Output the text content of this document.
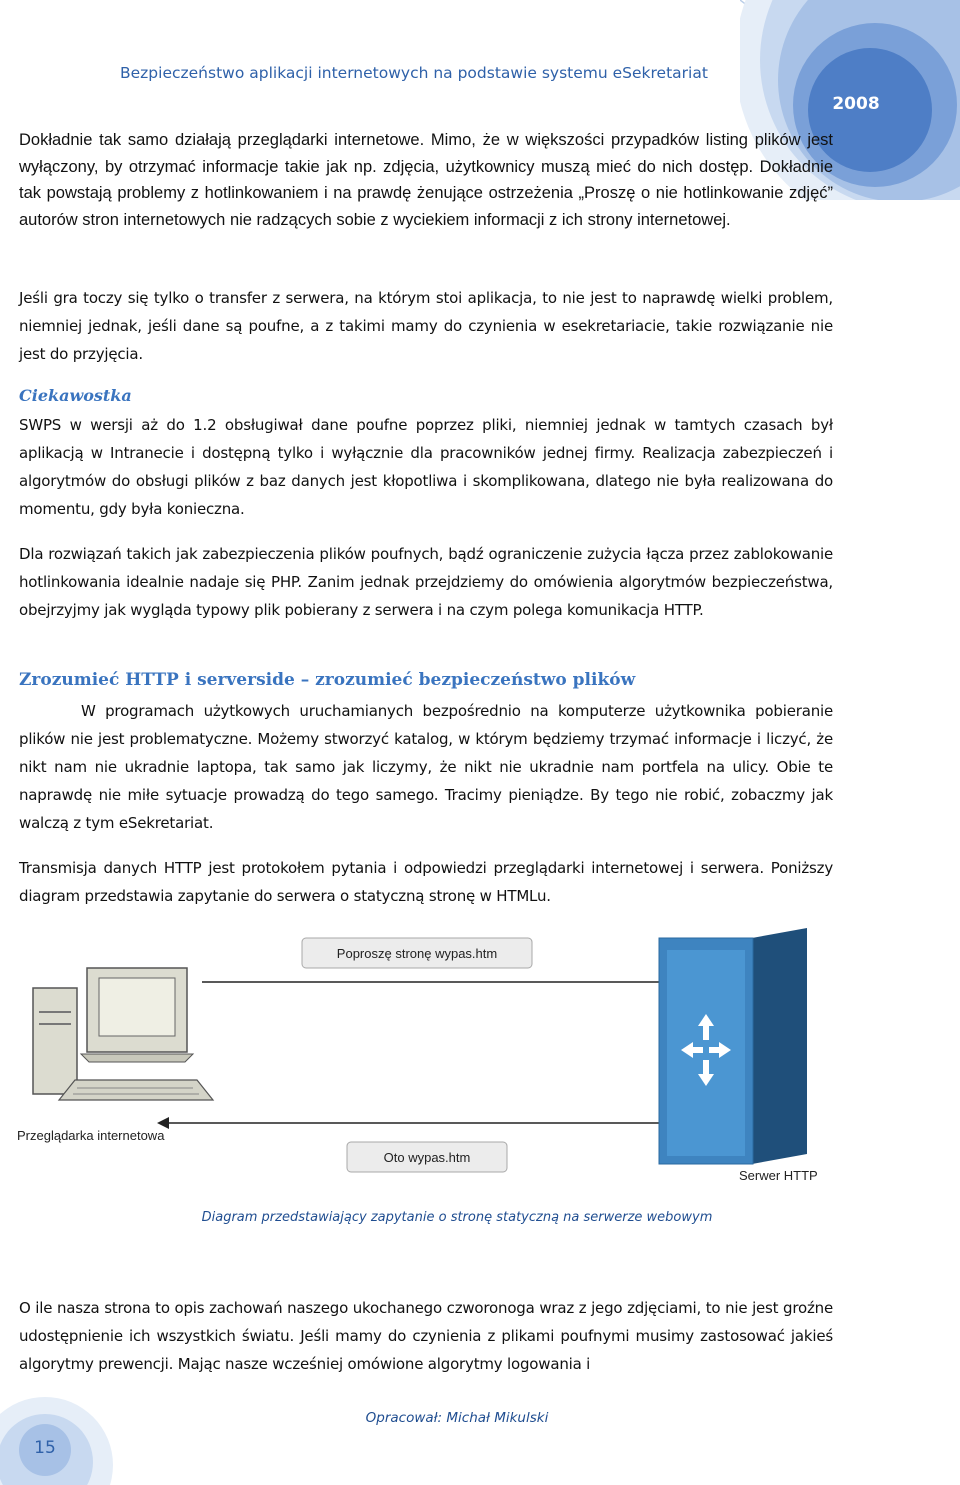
Bezpieczeństwo aplikacji internetowych na podstawie systemu eSekretariat
2008

Dokładnie tak samo działają przeglądarki internetowe. Mimo, że w większości przypadków listing plików jest wyłączony, by otrzymać informacje takie jak np. zdjęcia, użytkownicy muszą mieć do nich dostęp. Dokładnie tak powstają problemy z hotlinkowaniem i na prawdę żenujące ostrzeżenia „Proszę o nie hotlinkowanie zdjęć” autorów stron internetowych nie radzących sobie z wyciekiem informacji z ich strony internetowej.

Jeśli gra toczy się tylko o transfer z serwera, na którym stoi aplikacja, to nie jest to naprawdę wielki problem, niemniej jednak, jeśli dane są poufne, a z takimi mamy do czynienia w esekretariacie, takie rozwiązanie nie jest do przyjęcia.

Ciekawostka

SWPS w wersji aż do 1.2 obsługiwał dane poufne poprzez pliki, niemniej jednak w tamtych czasach był aplikacją w Intranecie i dostępną tylko i wyłącznie dla pracowników jednej firmy. Realizacja zabezpieczeń i algorytmów do obsługi plików z baz danych jest kłopotliwa i skomplikowana, dlatego nie była realizowana do momentu, gdy była konieczna.

Dla rozwiązań takich jak zabezpieczenia plików poufnych, bądź ograniczenie zużycia łącza przez zablokowanie hotlinkowania idealnie nadaje się PHP. Zanim jednak przejdziemy do omówienia algorytmów bezpieczeństwa, obejrzyjmy jak wygląda typowy plik pobierany z serwera i na czym polega komunikacja HTTP.

Zrozumieć HTTP i serverside – zrozumieć bezpieczeństwo plików

W programach użytkowych uruchamianych bezpośrednio na komputerze użytkownika pobieranie plików nie jest problematyczne. Możemy stworzyć katalog, w którym będziemy trzymać informacje i liczyć, że nikt nam nie ukradnie laptopa, tak samo jak liczymy, że nikt nie ukradnie nam portfela na ulicy. Obie te naprawdę nie miłe sytuacje prowadzą do tego samego. Tracimy pieniądze. By tego nie robić, zobaczmy jak walczą z tym eSekretariat.

Transmisja danych HTTP jest protokołem pytania i odpowiedzi przeglądarki internetowej i serwera. Poniższy diagram przedstawia zapytanie do serwera o statyczną stronę w HTMLu.

Poproszę stronę wypas.htm
Oto wypas.htm
Przeglądarka internetowa
Serwer HTTP
Diagram przedstawiający zapytanie o stronę statyczną na serwerze webowym

O ile nasza strona to opis zachowań naszego ukochanego czworonoga wraz z jego zdjęciami, to nie jest groźne udostępnienie ich wszystkich światu. Jeśli mamy do czynienia z plikami poufnymi musimy zastosować jakieś algorytmy prewencji. Mając nasze wcześniej omówione algorytmy logowania i

15
Opracował: Michał Mikulski
